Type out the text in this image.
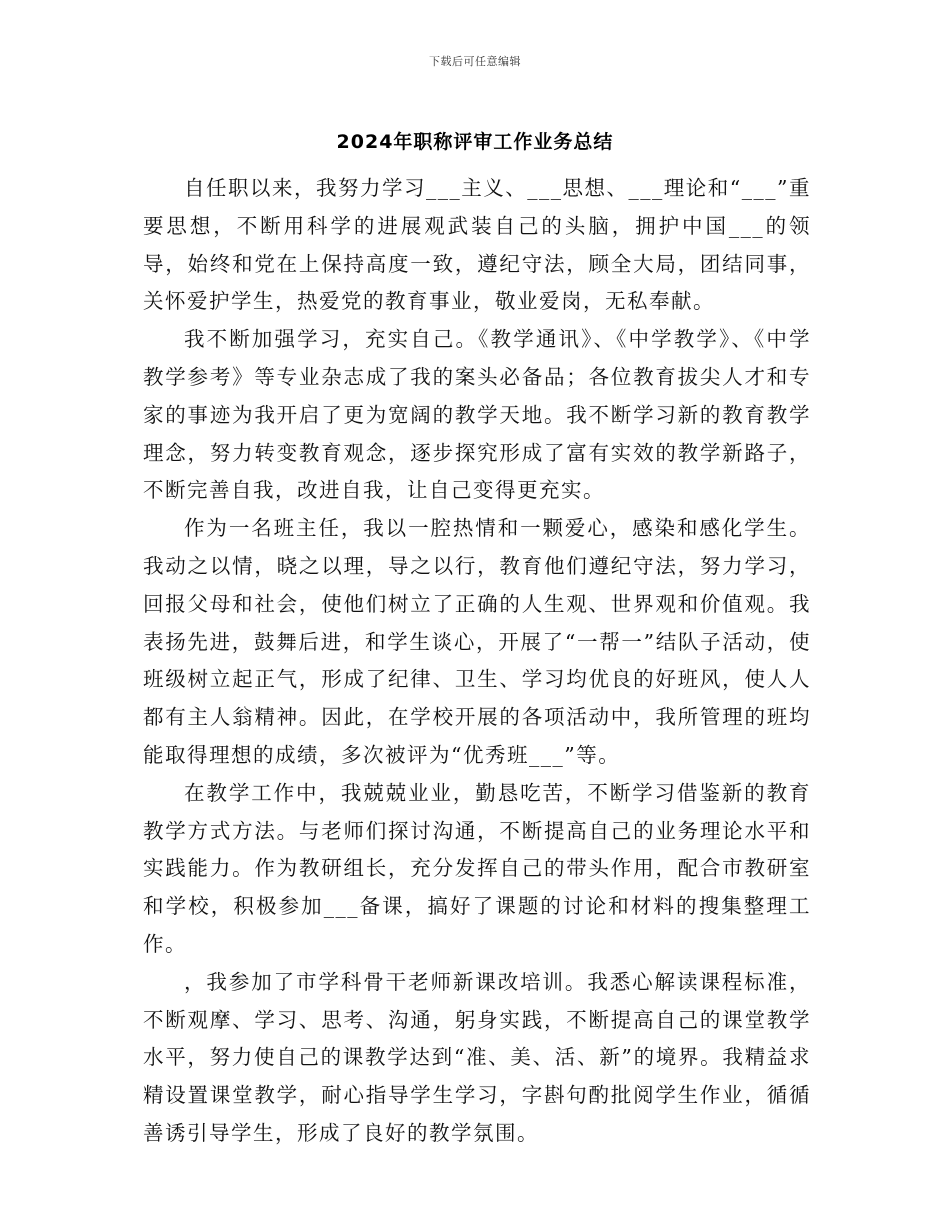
下载后可任意编辑
2024年职称评审工作业务总结

自任职以来，我努力学习___主义、___思想、___理论和“___”重要思想，不断用科学的进展观武装自己的头脑，拥护中国___的领导，始终和党在上保持高度一致，遵纪守法，顾全大局，团结同事，关怀爱护学生，热爱党的教育事业，敬业爱岗，无私奉献。

我不断加强学习，充实自己。《教学通讯》、《中学教学》、《中学教学参考》等专业杂志成了我的案头必备品；各位教育拔尖人才和专家的事迹为我开启了更为宽阔的教学天地。我不断学习新的教育教学理念，努力转变教育观念，逐步探究形成了富有实效的教学新路子，不断完善自我，改进自我，让自己变得更充实。

作为一名班主任，我以一腔热情和一颗爱心，感染和感化学生。我动之以情，晓之以理，导之以行，教育他们遵纪守法，努力学习，回报父母和社会，使他们树立了正确的人生观、世界观和价值观。我表扬先进，鼓舞后进，和学生谈心，开展了“一帮一”结队子活动，使班级树立起正气，形成了纪律、卫生、学习均优良的好班风，使人人都有主人翁精神。因此，在学校开展的各项活动中，我所管理的班均能取得理想的成绩，多次被评为“优秀班___”等。

在教学工作中，我兢兢业业，勤恳吃苦，不断学习借鉴新的教育教学方式方法。与老师们探讨沟通，不断提高自己的业务理论水平和实践能力。作为教研组长，充分发挥自己的带头作用，配合市教研室和学校，积极参加___备课，搞好了课题的讨论和材料的搜集整理工作。

，我参加了市学科骨干老师新课改培训。我悉心解读课程标准，不断观摩、学习、思考、沟通，躬身实践，不断提高自己的课堂教学水平，努力使自己的课教学达到“准、美、活、新”的境界。我精益求精设置课堂教学，耐心指导学生学习，字斟句酌批阅学生作业，循循善诱引导学生，形成了良好的教学氛围。
